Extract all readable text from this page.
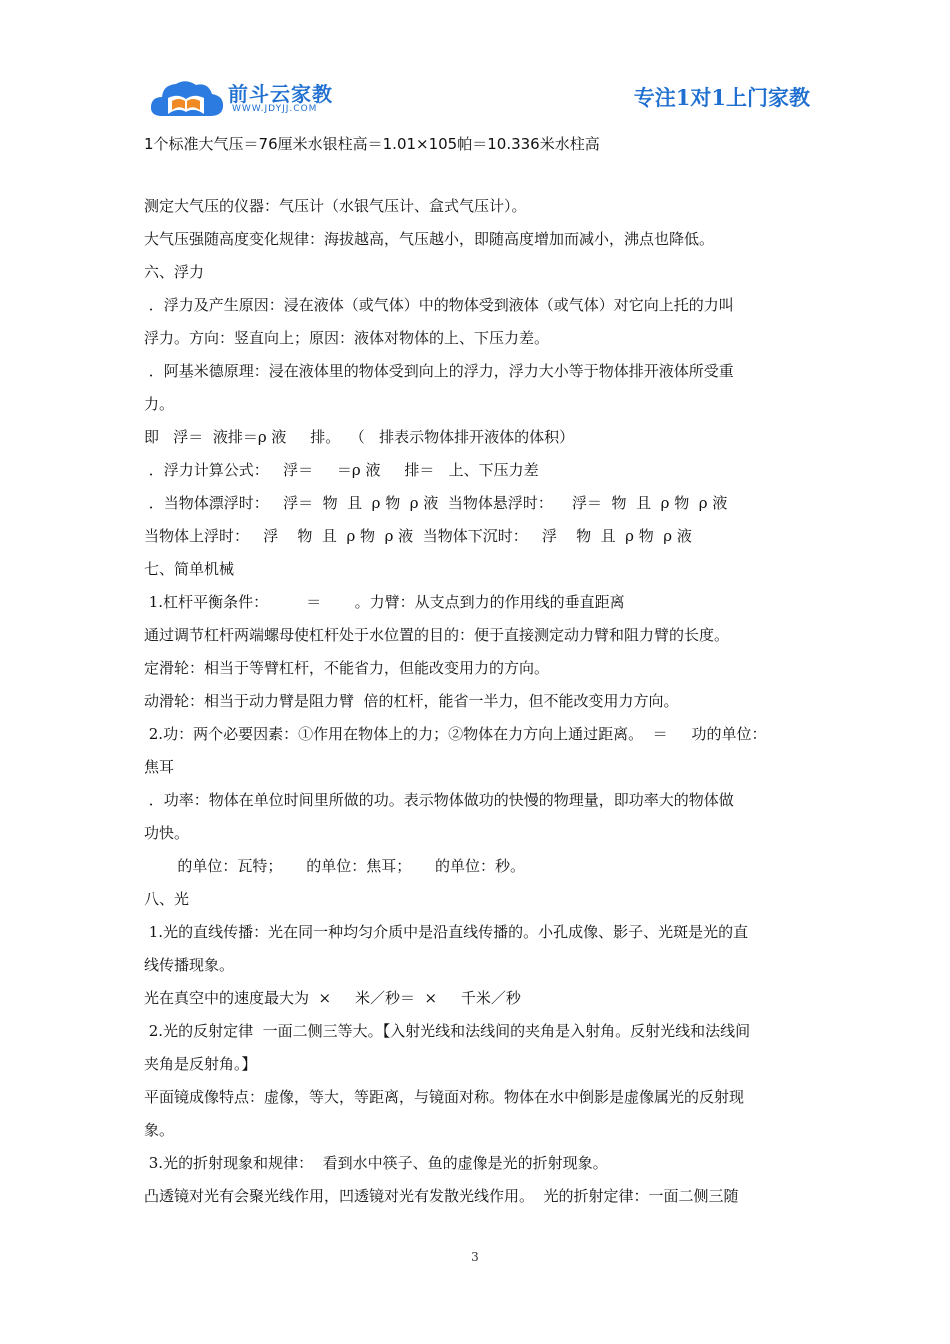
前斗云家教
WWW.JDYJJ.COM	专注1对1上门家教
1个标准大气压＝76厘米水银柱高＝1.01×105帕＝10.336米水柱高
测定大气压的仪器：气压计（水银气压计、盒式气压计）。
大气压强随高度变化规律：海拔越高，气压越小，即随高度增加而减小，沸点也降低。
六、浮力
．浮力及产生原因：浸在液体（或气体）中的物体受到液体（或气体）对它向上托的力叫
浮力。方向：竖直向上；原因：液体对物体的上、下压力差。
．阿基米德原理：浸在液体里的物体受到向上的浮力，浮力大小等于物体排开液体所受重
力。
即   浮＝  液排＝ρ 液     排。  （   排表示物体排开液体的体积）
．浮力计算公式：   浮＝     ＝ρ 液     排＝   上、下压力差
．当物体漂浮时：   浮＝  物  且  ρ 物  ρ 液  当物体悬浮时：    浮＝  物  且  ρ 物  ρ 液
当物体上浮时：   浮    物  且  ρ 物  ρ 液  当物体下沉时：   浮    物  且  ρ 物  ρ 液
七、简单机械
1.杠杆平衡条件：        ＝       。力臂：从支点到力的作用线的垂直距离
通过调节杠杆两端螺母使杠杆处于水位置的目的：便于直接测定动力臂和阻力臂的长度。
定滑轮：相当于等臂杠杆，不能省力，但能改变用力的方向。
动滑轮：相当于动力臂是阻力臂  倍的杠杆，能省一半力，但不能改变用力方向。
2.功：两个必要因素：①作用在物体上的力；②物体在力方向上通过距离。  ＝     功的单位：
焦耳
．功率：物体在单位时间里所做的功。表示物体做功的快慢的物理量，即功率大的物体做
功快。
的单位：瓦特；     的单位：焦耳；     的单位：秒。
八、光
1.光的直线传播：光在同一种均匀介质中是沿直线传播的。小孔成像、影子、光斑是光的直
线传播现象。
光在真空中的速度最大为  ×     米／秒＝  ×     千米／秒
2.光的反射定律  一面二侧三等大。【入射光线和法线间的夹角是入射角。反射光线和法线间
夹角是反射角。】
平面镜成像特点：虚像，等大，等距离，与镜面对称。物体在水中倒影是虚像属光的反射现
象。
3.光的折射现象和规律：  看到水中筷子、鱼的虚像是光的折射现象。
凸透镜对光有会聚光线作用，凹透镜对光有发散光线作用。  光的折射定律：一面二侧三随
3
